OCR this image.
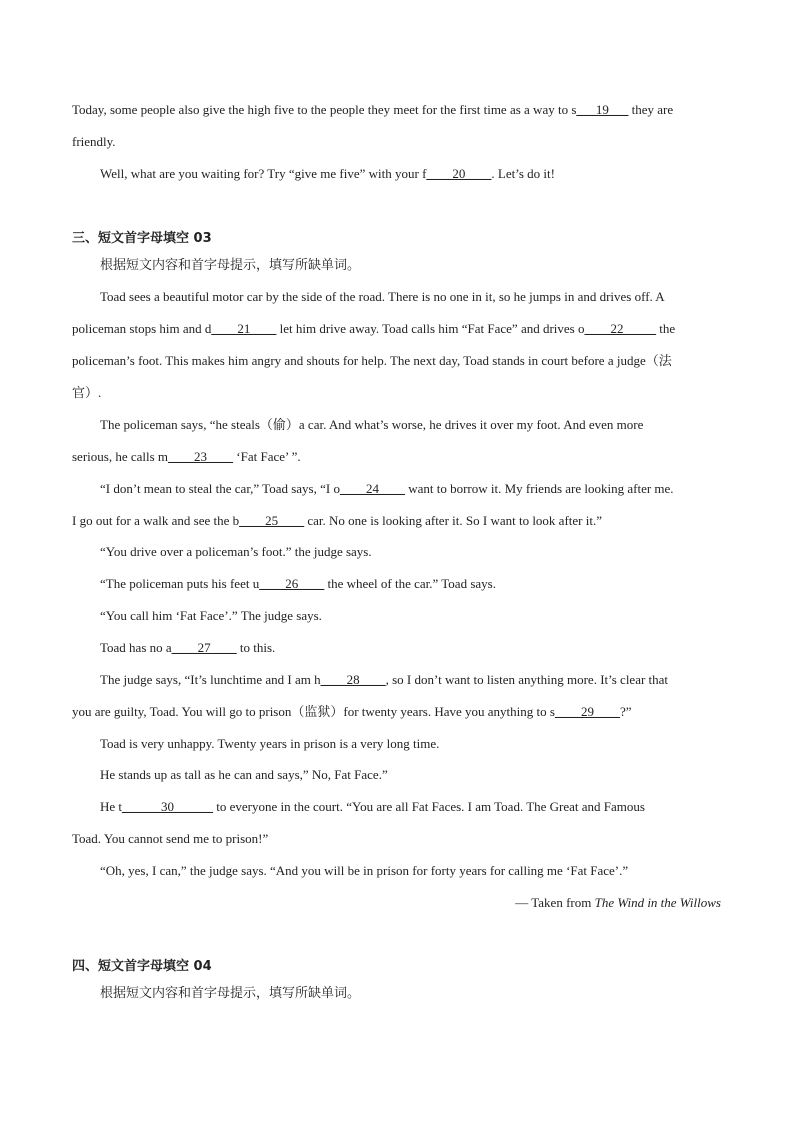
Today, some people also give the high five to the people they meet for the first time as a way to s___19___ they are
friendly.
Well, what are you waiting for? Try “give me five” with your f____20____. Let’s do it!
三、短文首字母填空 03
根据短文内容和首字母提示，填写所缺单词。
Toad sees a beautiful motor car by the side of the road. There is no one in it, so he jumps in and drives off. A
policeman stops him and d____21____ let him drive away. Toad calls him “Fat Face” and drives o____22_____ the
policeman’s foot. This makes him angry and shouts for help. The next day, Toad stands in court before a judge（法
官）.
The policeman says, “he steals（偷）a car. And what’s worse, he drives it over my foot. And even more
serious, he calls m____23____ ‘Fat Face’ ”.
“I don’t mean to steal the car,” Toad says, “I o____24____ want to borrow it. My friends are looking after me.
I go out for a walk and see the b____25____ car. No one is looking after it. So I want to look after it.”
“You drive over a policeman’s foot.” the judge says.
“The policeman puts his feet u____26____ the wheel of the car.” Toad says.
“You call him ‘Fat Face’.” The judge says.
Toad has no a____27____ to this.
The judge says, “It’s lunchtime and I am h____28____, so I don’t want to listen anything more. It’s clear that
you are guilty, Toad. You will go to prison（监狱）for twenty years. Have you anything to s____29____?”
Toad is very unhappy. Twenty years in prison is a very long time.
He stands up as tall as he can and says,” No, Fat Face.”
He t______30______ to everyone in the court. “You are all Fat Faces. I am Toad. The Great and Famous
Toad. You cannot send me to prison!”
“Oh, yes, I can,” the judge says. “And you will be in prison for forty years for calling me ‘Fat Face’.”
— Taken from The Wind in the Willows
四、短文首字母填空 04
根据短文内容和首字母提示，填写所缺单词。
